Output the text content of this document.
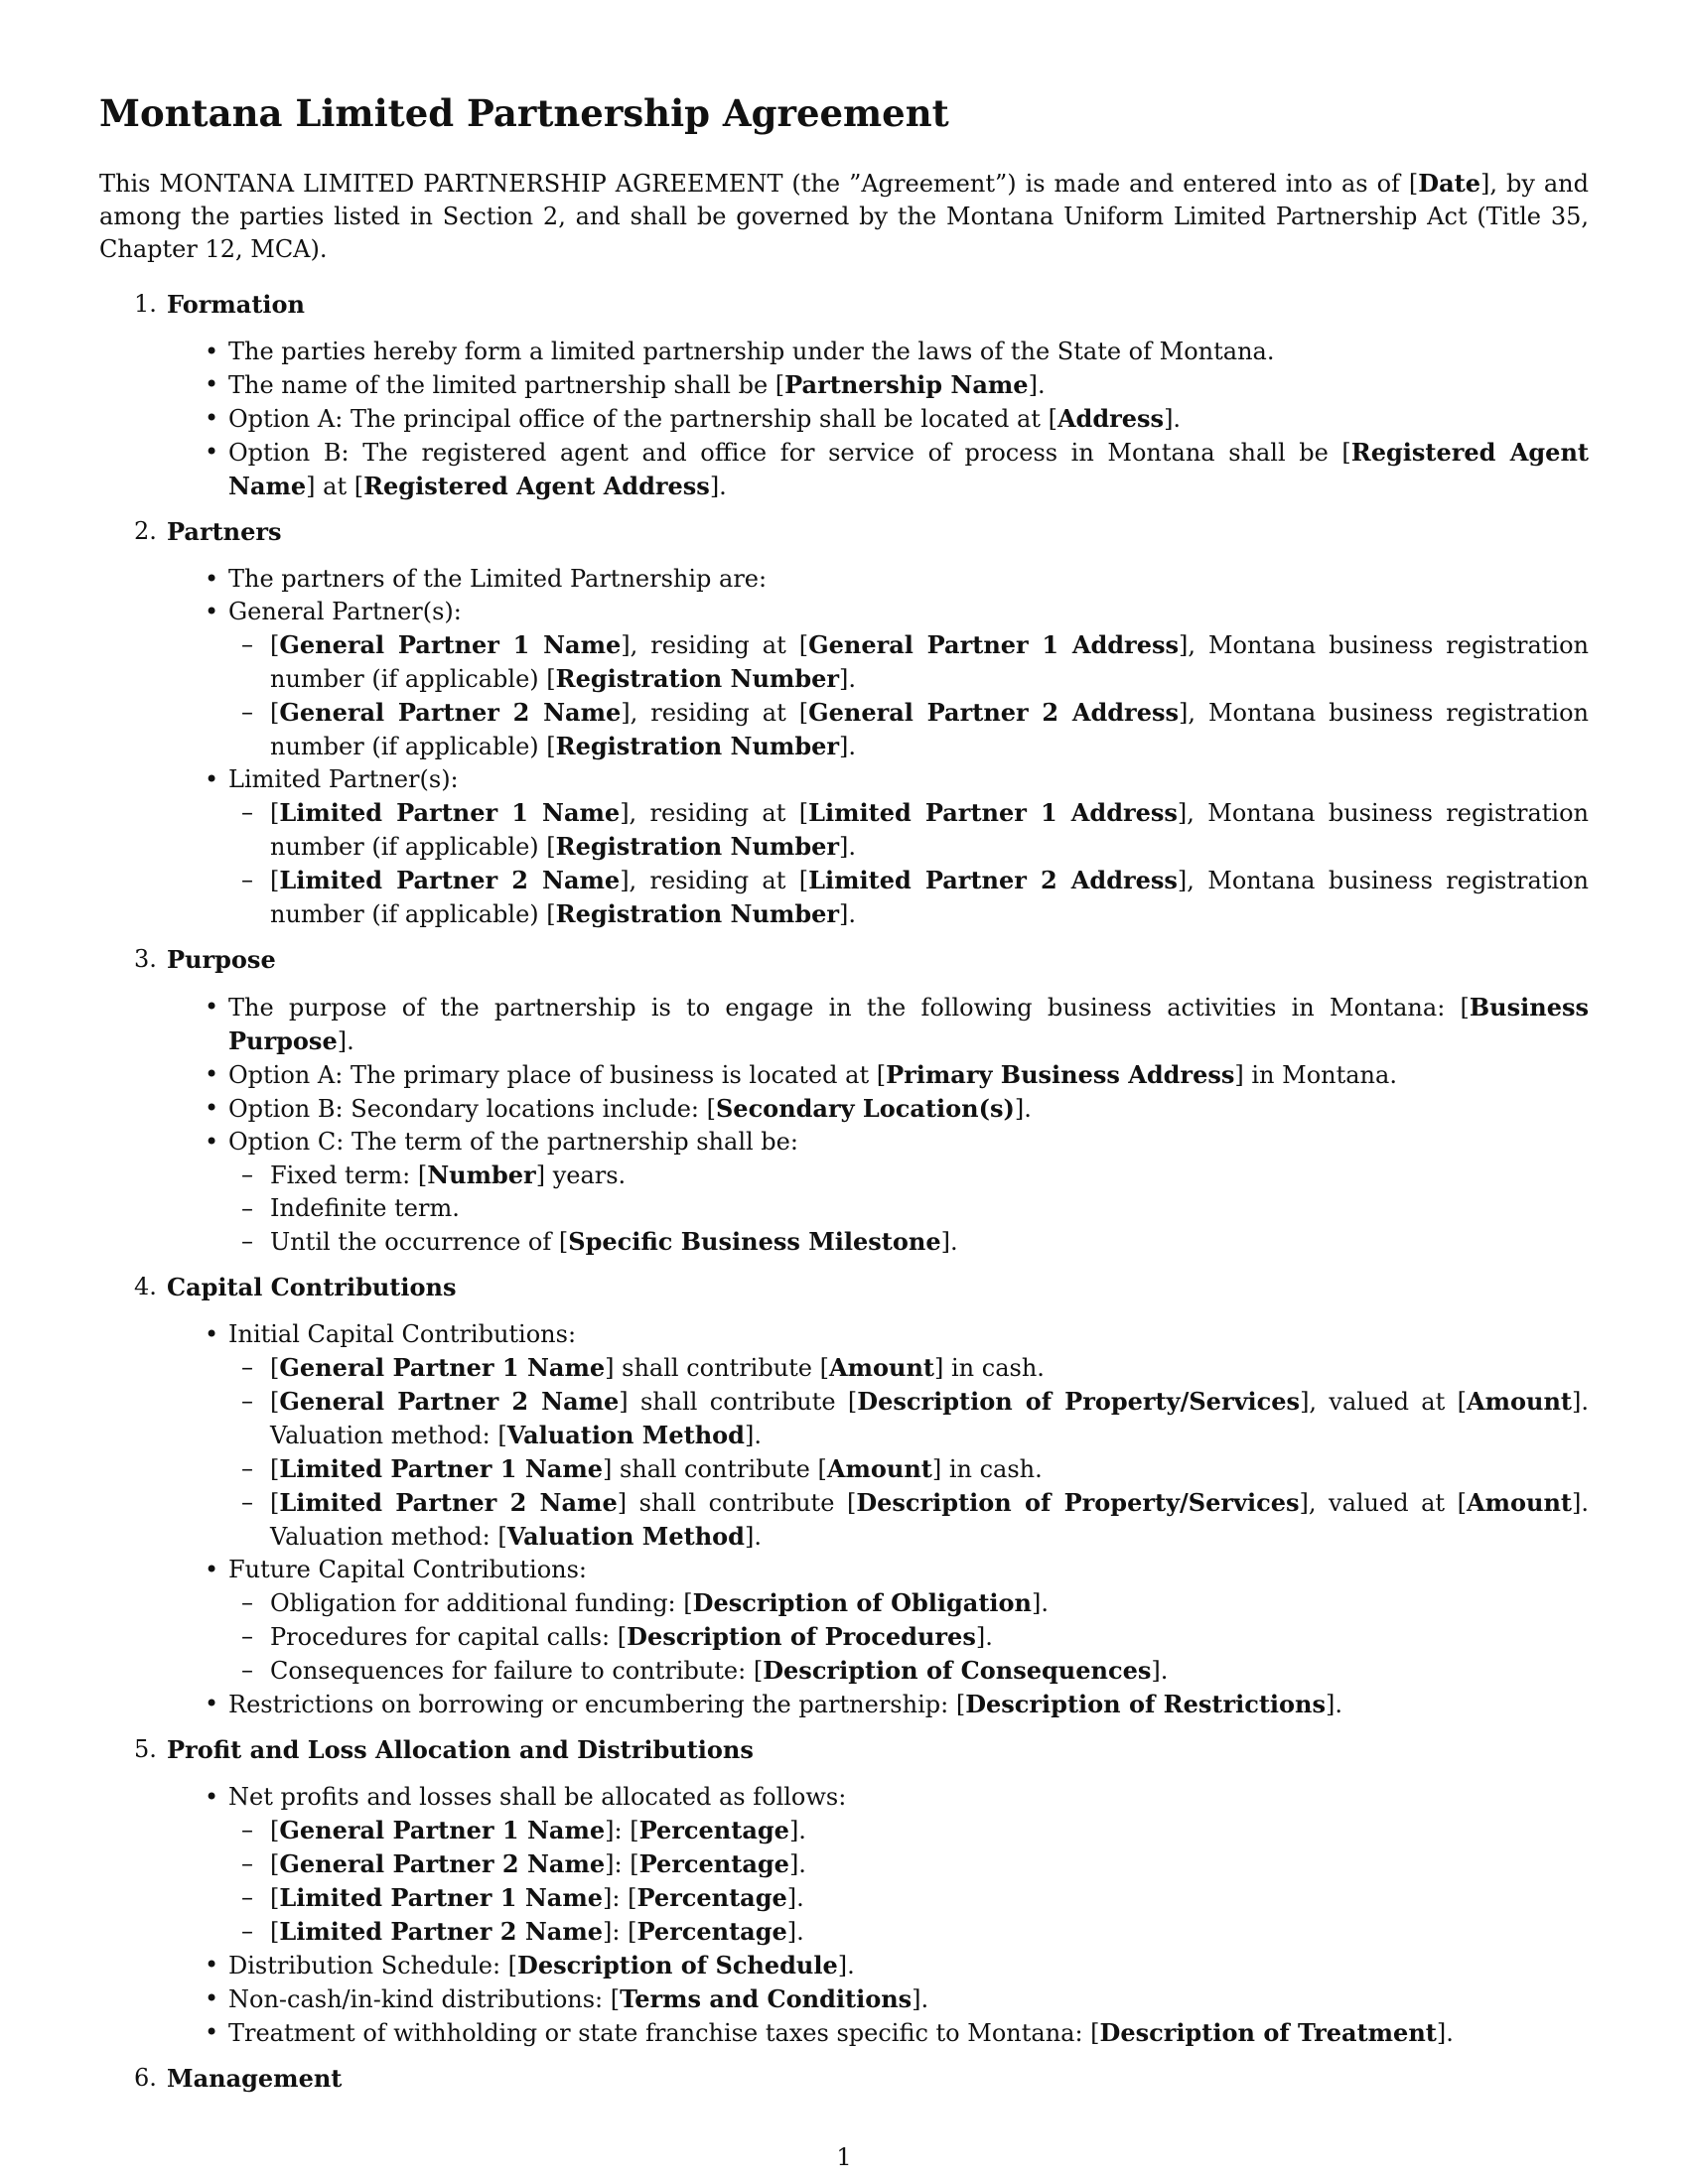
Montana Limited Partnership Agreement

This MONTANA LIMITED PARTNERSHIP AGREEMENT (the ”Agreement”) is made and entered into as of [Date], by and among the parties listed in Section 2, and shall be governed by the Montana Uniform Limited Partnership Act (Title 35, Chapter 12, MCA).

1. Formation
• The parties hereby form a limited partnership under the laws of the State of Montana.
• The name of the limited partnership shall be [Partnership Name].
• Option A: The principal office of the partnership shall be located at [Address].
• Option B: The registered agent and office for service of process in Montana shall be [Registered Agent Name] at [Registered Agent Address].
2. Partners
• The partners of the Limited Partnership are:
• General Partner(s):
– [General Partner 1 Name], residing at [General Partner 1 Address], Montana business registration number (if applicable) [Registration Number].
– [General Partner 2 Name], residing at [General Partner 2 Address], Montana business registration number (if applicable) [Registration Number].
• Limited Partner(s):
– [Limited Partner 1 Name], residing at [Limited Partner 1 Address], Montana business registration number (if applicable) [Registration Number].
– [Limited Partner 2 Name], residing at [Limited Partner 2 Address], Montana business registration number (if applicable) [Registration Number].
3. Purpose
• The purpose of the partnership is to engage in the following business activities in Montana: [Business Purpose].
• Option A: The primary place of business is located at [Primary Business Address] in Montana.
• Option B: Secondary locations include: [Secondary Location(s)].
• Option C: The term of the partnership shall be:
– Fixed term: [Number] years.
– Indefinite term.
– Until the occurrence of [Specific Business Milestone].
4. Capital Contributions
• Initial Capital Contributions:
– [General Partner 1 Name] shall contribute [Amount] in cash.
– [General Partner 2 Name] shall contribute [Description of Property/Services], valued at [Amount]. Valuation method: [Valuation Method].
– [Limited Partner 1 Name] shall contribute [Amount] in cash.
– [Limited Partner 2 Name] shall contribute [Description of Property/Services], valued at [Amount]. Valuation method: [Valuation Method].
• Future Capital Contributions:
– Obligation for additional funding: [Description of Obligation].
– Procedures for capital calls: [Description of Procedures].
– Consequences for failure to contribute: [Description of Consequences].
• Restrictions on borrowing or encumbering the partnership: [Description of Restrictions].
5. Profit and Loss Allocation and Distributions
• Net profits and losses shall be allocated as follows:
– [General Partner 1 Name]: [Percentage].
– [General Partner 2 Name]: [Percentage].
– [Limited Partner 1 Name]: [Percentage].
– [Limited Partner 2 Name]: [Percentage].
• Distribution Schedule: [Description of Schedule].
• Non-cash/in-kind distributions: [Terms and Conditions].
• Treatment of withholding or state franchise taxes specific to Montana: [Description of Treatment].
6. Management
1
